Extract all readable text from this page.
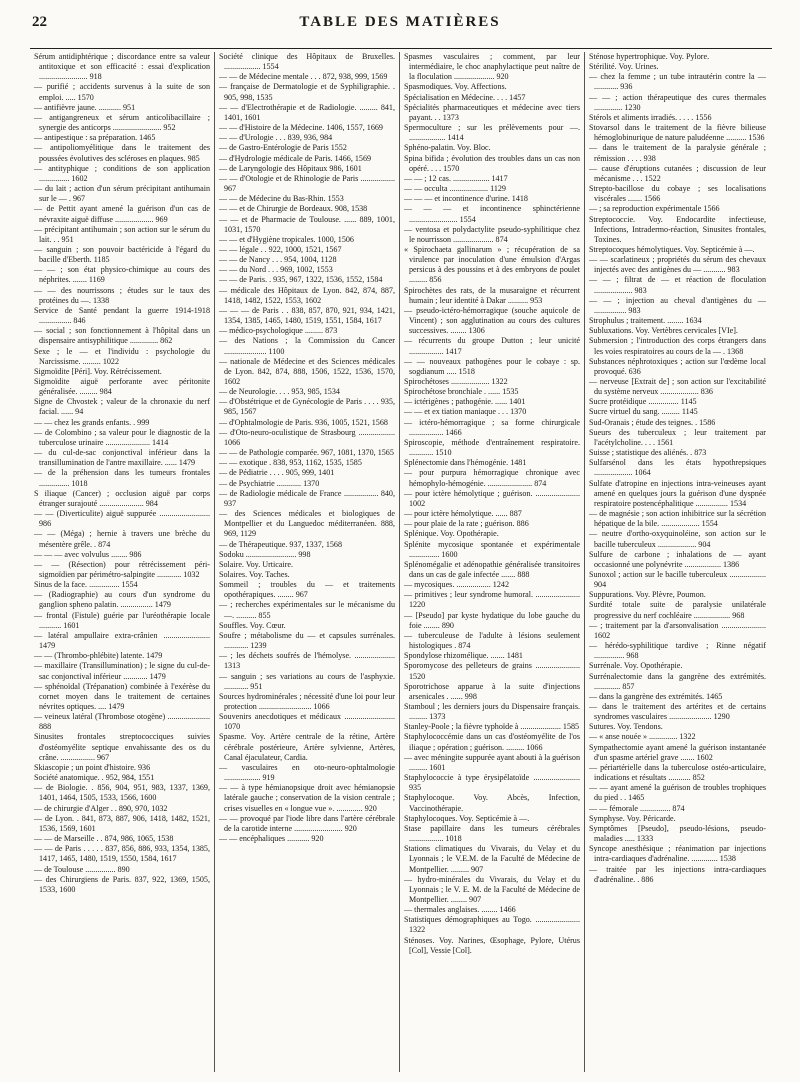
22	TABLE DES MATIÈRES

Sérum antidiphtérique ; discordance entre sa valeur antitoxique et son efficacité : essai d'explication ........................ 918

— purifié ; accidents survenus à la suite de son emploi. ..... 1570

— antifièvre jaune. ........... 951

— antigangreneux et sérum anticolibacillaire ; synergie des anticorps ........................ 952

— antipestique : sa préparation. 1465

— antipoliomyélitique dans le traitement des poussées évolutives des scléroses en plaques. 985

— antityphique ; conditions de son application ............... 1602

— du lait ; action d'un sérum précipitant antihumain sur le — . 967

— de Pettit ayant amené la guérison d'un cas de névraxite aiguë diffuse ................... 969

— précipitant antihumain ; son action sur le sérum du lait. . . 951

— sanguin ; son pouvoir bactéricide à l'égard du bacille d'Eberth. 1185

— — ; son état physico-chimique au cours des néphrites. ....... 1169

— — des nourrissons ; études sur le taux des protéines du —. 1338

Service de Santé pendant la guerre 1914-1918 ................ 846

— social ; son fonctionnement à l'hôpital dans un dispensaire antisyphilitique .............. 862

Sexe ; le — et l'individu : psychologie du Narcissisme. ......... 1022

Sigmoïdite [Péri]. Voy. Rétrécissement.

Sigmoïdite aiguë perforante avec péritonite généralisée. ......... 984

Signe de Chvostek ; valeur de la chronaxie du nerf facial. ...... 94

— — chez les grands enfants. . 999

— de Colombino ; sa valeur pour le diagnostic de la tuberculose urinaire ...................... 1414

— du cul-de-sac conjonctival inférieur dans la transillumination de l'antre maxillaire. ...... 1479

— de la préhension dans les tumeurs frontales ............... 1018

S iliaque (Cancer) ; occlusion aiguë par corps étranger surajouté ...................... 984

— — (Diverticulite) aiguë suppurée ......................... 986

— — (Méga) ; hernie à travers une brèche du mésentère grêle. . 874

— — — avec volvulus ........ 986

— — (Résection) pour rétrécissement péri-sigmoïdien par périmétro-salpingite ............ 1032

Sinus de la face. ............... 1554

— (Radiographie) au cours d'un syndrome du ganglion spheno palatin. ................ 1479

— frontal (Fistule) guérie par l'uréothérapie locale ........... 1601

— latéral ampullaire extra-crânien ....................... 1479

— — (Thrombo-phlébite) latente. 1479

— maxillaire (Transillumination) ; le signe du cul-de-sac conjonctival inférieur ............ 1479

— sphénoïdal (Trépanation) combinée à l'exérèse du cornet moyen dans le traitement de certaines névrites optiques. .... 1479

— veineux latéral (Thrombose otogène) ..................... 888

Sinusites frontales streptococciques suivies d'ostéomyélite septique envahissante des os du crâne. ................. 967

Skiascopie ; un point d'histoire. 936

Société anatomique. . 952, 984, 1551

— de Biologie. . 856, 904, 951, 983, 1337, 1369, 1401, 1464, 1505, 1533, 1566, 1600

— de chirurgie d'Alger . . 890, 970, 1032

— de Lyon. . 841, 873, 887, 906, 1418, 1482, 1521, 1536, 1569, 1601

— — de Marseille . . 874, 986, 1065, 1538

— — de Paris . . . . . 837, 856, 886, 933, 1354, 1385, 1417, 1465, 1480, 1519, 1550, 1584, 1617

— de Toulouse ............... 890

— des Chirurgiens de Paris. 837, 922, 1369, 1505, 1533, 1600

Société clinique des Hôpitaux de Bruxelles. .................. 1554

— — de Médecine mentale . . . 872, 938, 999, 1569

— française de Dermatologie et de Syphiligraphie. . 905, 998, 1535

— — d'Electrothérapie et de Radiologie. ......... 841, 1401, 1601

— — d'Histoire de la Médecine. 1406, 1557, 1669

— — d'Urologie . . . 839, 936, 984

— de Gastro-Entérologie de Paris 1552

— d'Hydrologie médicale de Paris. 1466, 1569

— de Laryngologie des Hôpitaux 986, 1601

— — d'Otologie et de Rhinologie de Paris ................. 967

— — de Médecine du Bas-Rhin. 1553

— — et de Chirurgie de Bordeaux. 908, 1538

— — et de Pharmacie de Toulouse. ...... 889, 1001, 1031, 1570

— — et d'Hygiène tropicales. 1000, 1506

— — légale . . 922, 1000, 1521, 1567

— — de Nancy . . . 954, 1004, 1128

— — du Nord . . . 969, 1002, 1553

— — de Paris. . 935, 967, 1322, 1536, 1552, 1584

— médicale des Hôpitaux de Lyon. 842, 874, 887, 1418, 1482, 1522, 1553, 1602

— — — de Paris . . 838, 857, 870, 921, 934, 1421, 1354, 1385, 1465, 1480, 1519, 1551, 1584, 1617

— médico-psychologique ......... 873

— des Nations ; la Commission du Cancer ..................... 1100

— nationale de Médecine et des Sciences médicales de Lyon. 842, 874, 888, 1506, 1522, 1536, 1570, 1602

— de Neurologie. . . . 953, 985, 1534

— d'Obstétrique et de Gynécologie de Paris . . . . 935, 985, 1567

— d'Ophtalmologie de Paris. 936, 1005, 1521, 1568

— d'Oto-neuro-oculistique de Strasbourg .................. 1066

— — de Pathologie comparée. 967, 1081, 1370, 1565

— — exotique . 838, 953, 1162, 1535, 1585

— de Pédiatrie . . . . 905, 999, 1401

— de Psychiatrie ............ 1370

— de Radiologie médicale de France ................. 840, 937

— des Sciences médicales et biologiques de Montpellier et du Languedoc méditerranéen. 888, 969, 1129

— de Thérapeutique. 937, 1337, 1568

Sodoku ......................... 998

Solaire. Voy. Urticaire.

Solaires. Voy. Taches.

Sommeil ; troubles du — et traitements opothérapiques. ........ 967

— ; recherches expérimentales sur le mécanisme du —. .......... 855

Souffles. Voy. Cœur.

Soufre ; métabolisme du — et capsules surrénales. ............ 1239

— ; les déchets soufrés de l'hémolyse. .................... 1313

— sanguin ; ses variations au cours de l'asphyxie. ............ 951

Sources hydrominérales ; nécessité d'une loi pour leur protection .......................... 1066

Souvenirs anecdotiques et médicaux ......................... 1070

Spasme. Voy. Artère centrale de la rétine, Artère cérébrale postérieure, Artère sylvienne, Artères, Canal éjaculateur, Cardia.

— vasculaires en oto-neuro-ophtalmologie .................. 919

— — à type hémianopsique droit avec hémianopsie latérale gauche ; conservation de la vision centrale ; crises visuelles en « longue vue ». ............. 920

— — provoqué par l'iode libre dans l'artère cérébrale de la carotide interne ........................ 920

— — encéphaliques ........... 920

Spasmes vasculaires ; comment, par leur intermédiaire, le choc anaphylactique peut naître de la floculation .................... 920

Spasmodiques. Voy. Affections.

Spécialisation en Médecine. . . . 1457

Spécialités pharmaceutiques et médecine avec tiers payant. . . 1373

Spermoculture ; sur les prélèvements pour —. .................. 1414

Sphéno-palatin. Voy. Bloc.

Spina bifida ; évolution des troubles dans un cas non opéré. . . . 1570

— — ; 12 cas. .................. 1417

— — occulta ................... 1129

— — — et incontinence d'urine. 1418

— — — et incontinence sphinctérienne ........................ 1554

— ventosa et polydactylite pseudo-syphilitique chez le nourrisson .................... 874

« Spirochaeta gallinarum » ; récupération de sa virulence par inoculation d'une émulsion d'Argas persicus à des poussins et à des embryons de poulet ......... 856

Spirochètes des rats, de la musaraigne et récurrent humain ; leur identité à Dakar .......... 953

— pseudo-ictéro-hémorragique (souche aquicole de Vincent) ; son agglutination au cours des cultures successives. ........ 1306

— récurrents du groupe Dutton ; leur unicité ................. 1417

— — nouveaux pathogènes pour le cobaye : sp. sogdianum ..... 1518

Spirochétoses ................... 1322

Spirochétose bronchiale . ...... 1535

— ictérigènes ; pathogénie. ...... 1401

— — et ex tiation maniaque . . . 1370

— ictéro-hémorragique ; sa forme chirurgicale ................. 1466

Spiroscopie, méthode d'entraînement respiratoire. ............ 1510

Splénectomie dans l'hémogénie. 1481

— pour purpura hémorragique chronique avec hémophylo-hémogénie. ...................... 874

— pour ictère hémolytique ; guérison. ...................... 1002

— pour ictère hémolytique. ...... 887

— pour plaie de la rate ; guérison. 886

Splénique. Voy. Opothérapie.

Splénite mycosique spontanée et expérimentale ............... 1600

Splénomégalie et adénopathie généralisée transitoires dans un cas de gale infectée ....... 888

— mycosiques. ................. 1242

— primitives ; leur syndrome humoral. ...................... 1220

— [Pseudo] par kyste hydatique du lobe gauche du foie ........ 890

— tuberculeuse de l'adulte à lésions seulement histologiques . 874

Spondylose rhizomélique. ....... 1481

Sporomycose des pelleteurs de grains ...................... 1520

Sporotrichose apparue à la suite d'injections arsenicales . ...... 998

Stamboul ; les derniers jours du Dispensaire français. ......... 1373

Stanley-Poole ; la fièvre typhoïde à .................... 1585

Staphylococcémie dans un cas d'ostéomyélite de l'os iliaque ; opération ; guérison. ......... 1066

— avec méningite suppurée ayant abouti à la guérison ......... 1601

Staphylococcie à type érysipélatoïde ....................... 935

Staphylocoque. Voy. Abcès, Infection, Vaccinothérapie.

Staphylocoques. Voy. Septicémie à —.

Stase papillaire dans les tumeurs cérébrales ................. 1018

Stations climatiques du Vivarais, du Velay et du Lyonnais ; le V.E.M. de la Faculté de Médecine de Montpellier. ......... 907

— hydro-minérales du Vivarais, du Velay et du Lyonnais ; le V. E. M. de la Faculté de Médecine de Montpellier. ........ 907

— thermales anglaises. ........ 1466

Statistiques démographiques au Togo. ...................... 1322

Sténoses. Voy. Narines, Œsophage, Pylore, Utérus [Col], Vessie [Col].

Sténose hypertrophique. Voy. Pylore.

Stérilité. Voy. Urines.

— chez la femme ; un tube intrautérin contre la — ............ 936

— — ; action thérapeutique des cures thermales .............. 1230

Stérols et aliments irradiés. . . . . 1556

Stovarsol dans le traitement de la fièvre bilieuse hémoglobinurique de nature paludéenne .......... 1536

— dans le traitement de la paralysie générale ; rémission . . . . 938

— cause d'éruptions cutanées ; discussion de leur mécanisme . . . 1522

Strepto-bacillose du cobaye ; ses localisations viscérales ....... 1566

— ; sa reproduction expérimentale 1566

Streptococcie. Voy. Endocardite infectieuse, Infections, Intradermo-réaction, Sinusites frontales, Toxines.

Streptocoques hémolytiques. Voy. Septicémie à —.

— — scarlatineux ; propriétés du sérum des chevaux injectés avec des antigènes du — ........... 983

— — ; filtrat de — et réaction de floculation ................... 983

— — ; injection au cheval d'antigènes du — ................ 983

Strophulus ; traitement. ........ 1634

Subluxations. Voy. Vertèbres cervicales [VIe].

Submersion ; l'introduction des corps étrangers dans les voies respiratoires au cours de la — . 1368

Substances néphrotoxiques ; action sur l'œdème local provoqué. 636

— nerveuse [Extrait de] ; son action sur l'excitabilité du système nerveux ................... 836

Sucre protéidique ............... 1145

Sucre virtuel du sang. ......... 1145

Sud-Oranais ; étude des teignes. . 1586

Sueurs des tuberculeux ; leur traitement par l'acétylcholine. . . . 1561

Suisse ; statistique des aliénés. . 873

Sulfarsénol dans les états hypothrepsiques ................... 1064

Sulfate d'atropine en injections intra-veineuses ayant amené en quelques jours la guérison d'une dyspnée respiratoire postencéphalitique ................ 1534

— de magnésie ; son action inhibitrice sur la sécrétion hépatique de la bile. ................... 1554

— neutre d'ortho-oxyquinoléine, son action sur le bacille tuberculeux ................... 904

Sulfure de carbone ; inhalations de — ayant occasionné une polynévrite .................. 1386

Sunoxol ; action sur le bacille tuberculeux .................. 904

Suppurations. Voy. Plèvre, Poumon.

Surdité totale suite de paralysie unilatérale progressive du nerf cochléaire .................. 968

— ; traitement par la d'arsonvalisation ...................... 1602

— hérédo-syphilitique tardive ; Rinne négatif ............... 968

Surrénale. Voy. Opothérapie.

Surrénalectomie dans la gangrène des extrémités. ............. 857

— dans la gangrène des extrémités. 1465

— dans le traitement des artérites et de certains syndromes vasculaires ..................... 1290

Sutures. Voy. Tendons.

— « anse nouée » .............. 1322

Sympathectomie ayant amené la guérison instantanée d'un spasme artériel grave ....... 1602

— périartérielle dans la tuberculose ostéo-articulaire, indications et résultats ........... 852

— — ayant amené la guérison de troubles trophiques du pied . . 1465

— — fémorale ............... 874

Symphyse. Voy. Péricarde.

Symptômes [Pseudo], pseudo-lésions, pseudo-maladies ..... 1333

Syncope anesthésique ; réanimation par injections intra-cardiaques d'adrénaline. ............. 1538

— traitée par les injections intra-cardiaques d'adrénaline. . 886
